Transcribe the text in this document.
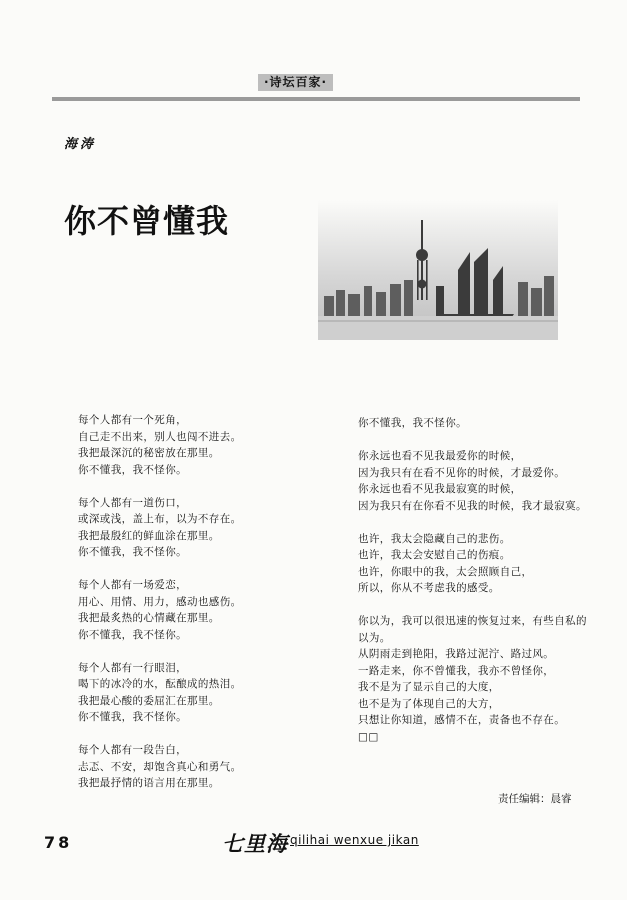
·诗坛百家·
海涛
你不曾懂我

每个人都有一个死角，
自己走不出来，别人也闯不进去。
我把最深沉的秘密放在那里。
你不懂我，我不怪你。

每个人都有一道伤口，
或深或浅，盖上布，以为不存在。
我把最殷红的鲜血涂在那里。
你不懂我，我不怪你。

每个人都有一场爱恋，
用心、用情、用力，感动也感伤。
我把最炙热的心情藏在那里。
你不懂我，我不怪你。

每个人都有一行眼泪，
喝下的冰冷的水，酝酿成的热泪。
我把最心酸的委屈汇在那里。
你不懂我，我不怪你。

每个人都有一段告白，
忐忑、不安，却饱含真心和勇气。
我把最抒情的语言用在那里。

你不懂我，我不怪你。

你永远也看不见我最爱你的时候，
因为我只有在看不见你的时候，才最爱你。
你永远也看不见我最寂寞的时候，
因为我只有在你看不见我的时候，我才最寂寞。

也许，我太会隐藏自己的悲伤。
也许，我太会安慰自己的伤痕。
也许，你眼中的我，太会照顾自己，
所以，你从不考虑我的感受。

你以为，我可以很迅速的恢复过来，有些自私的以为。
从阴雨走到艳阳，我路过泥泞、路过风。
一路走来，你不曾懂我，我亦不曾怪你，
我不是为了显示自己的大度，
也不是为了体现自己的大方，
只想让你知道，感情不在，责备也不存在。
□□

责任编辑：晨睿
78	七里海 qilihai wenxue jikan
